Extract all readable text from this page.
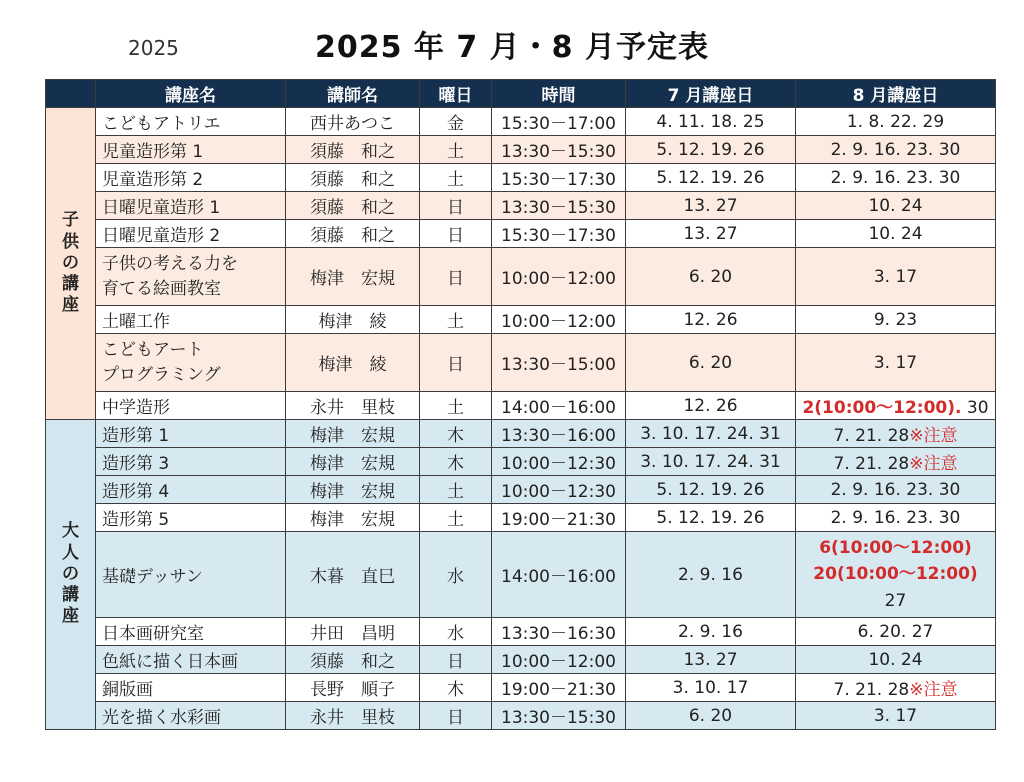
2025	2025 年 7 月・8 月予定表
	講座名	講師名	曜日	時間	7 月講座日	8 月講座日
子供の講座	こどもアトリエ	西井あつこ	金	15:30－17:00	4. 11. 18. 25	1. 8. 22. 29
	児童造形第 1	須藤　和之	土	13:30－15:30	5. 12. 19. 26	2. 9. 16. 23. 30
	児童造形第 2	須藤　和之	土	15:30－17:30	5. 12. 19. 26	2. 9. 16. 23. 30
	日曜児童造形 1	須藤　和之	日	13:30－15:30	13. 27	10. 24
	日曜児童造形 2	須藤　和之	日	15:30－17:30	13. 27	10. 24

	子供の考える力を
育てる絵画教室	梅津　宏規	日	10:00－12:00	6. 20	3. 17
	土曜工作	梅津　綾	土	10:00－12:00	12. 26	9. 23

	こどもアート
プログラミング	梅津　綾	日	13:30－15:00	6. 20	3. 17
	中学造形	永井　里枝	土	14:00－16:00	12. 26	2(10:00～12:00). 30
大人の講座	造形第 1	梅津　宏規	木	13:30－16:00	3. 10. 17. 24. 31	7. 21. 28※注意
	造形第 3	梅津　宏規	木	10:00－12:30	3. 10. 17. 24. 31	7. 21. 28※注意
	造形第 4	梅津　宏規	土	10:00－12:30	5. 12. 19. 26	2. 9. 16. 23. 30
	造形第 5	梅津　宏規	土	19:00－21:30	5. 12. 19. 26	2. 9. 16. 23. 30
	基礎デッサン	木暮　直巳	水	14:00－16:00	2. 9. 16	6(10:00～12:00)
20(10:00～12:00)
27

	日本画研究室	井田　昌明	水	13:30－16:30	2. 9. 16	6. 20. 27
	色紙に描く日本画	須藤　和之	日	10:00－12:00	13. 27	10. 24
	銅版画	長野　順子	木	19:00－21:30	3. 10. 17	7. 21. 28※注意
	光を描く水彩画	永井　里枝	日	13:30－15:30	6. 20	3. 17
